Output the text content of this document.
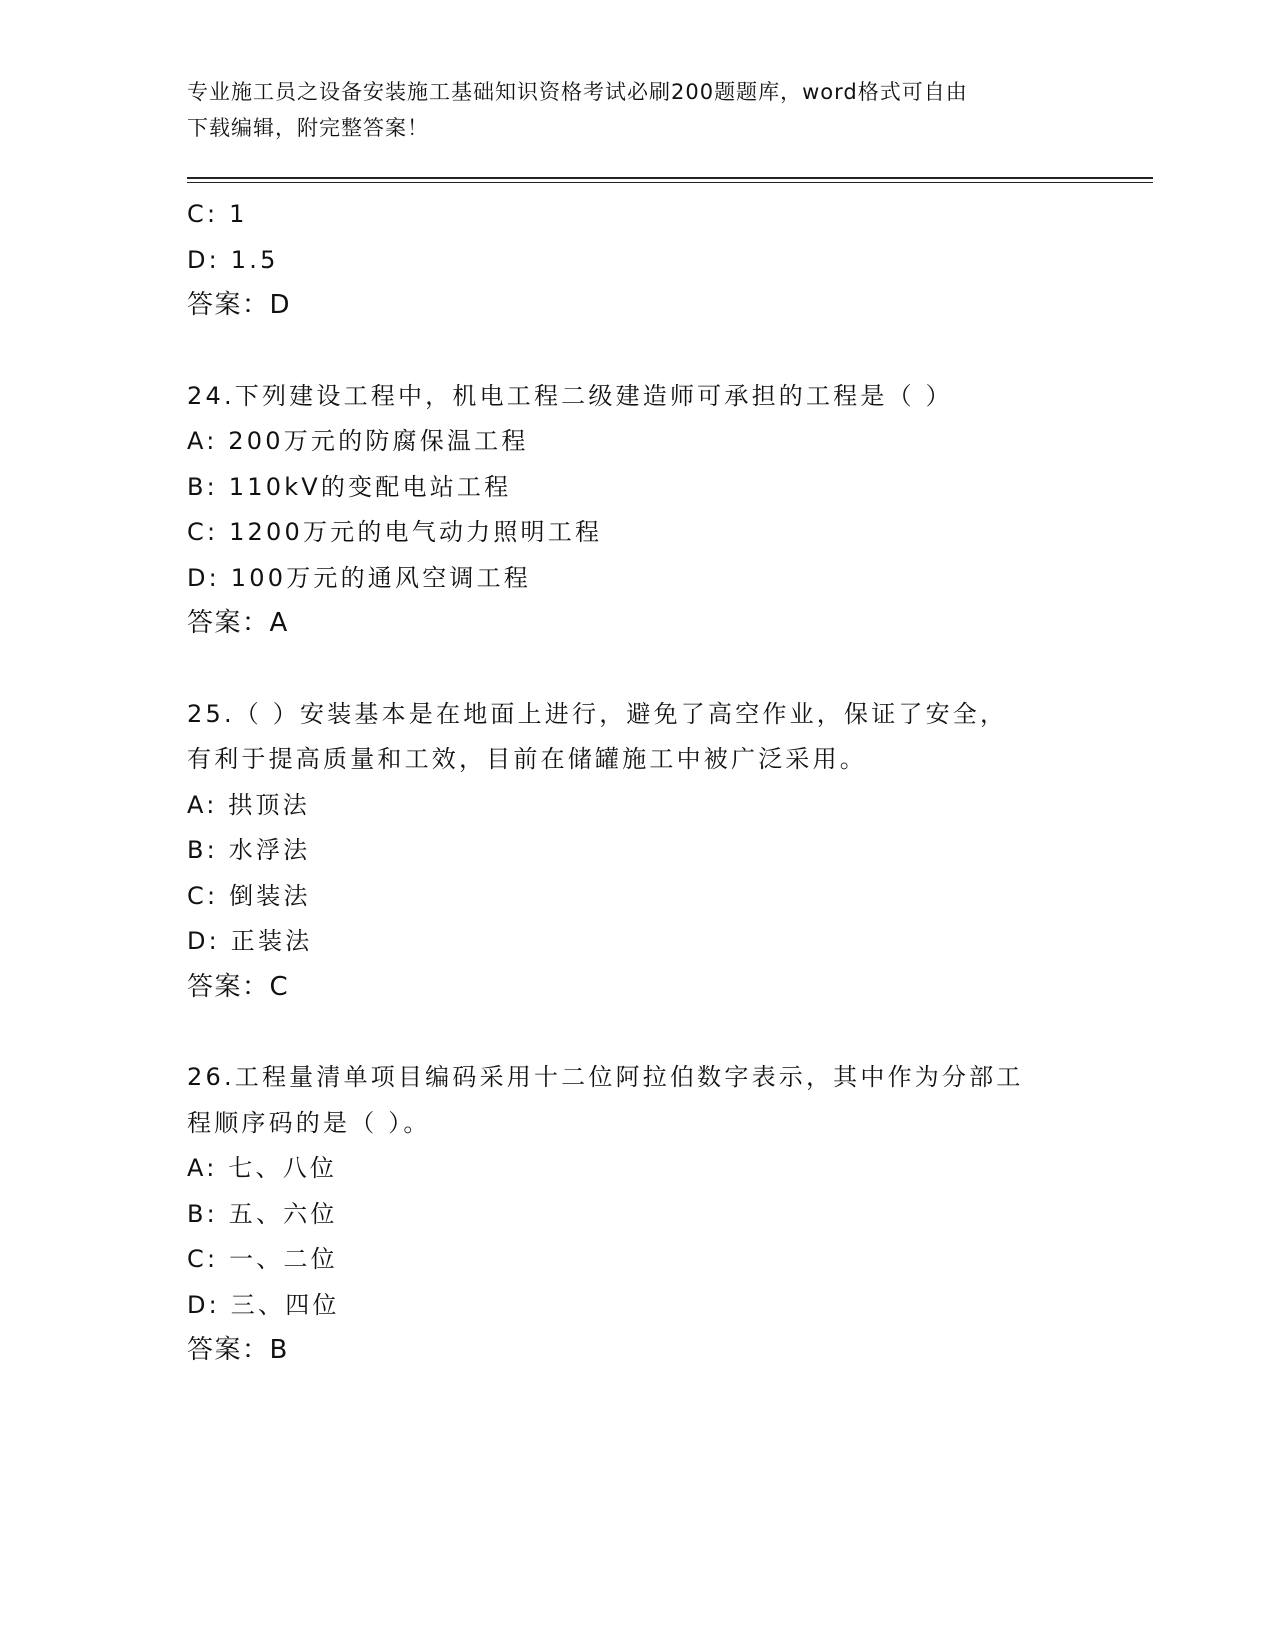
专业施工员之设备安装施工基础知识资格考试必刷200题题库，word格式可自由
下载编辑，附完整答案！
C: 1
D: 1.5
答案：D
24.下列建设工程中，机电工程二级建造师可承担的工程是（ ）
A: 200万元的防腐保温工程
B: 110kV的变配电站工程
C: 1200万元的电气动力照明工程
D: 100万元的通风空调工程
答案：A
25.（ ）安装基本是在地面上进行，避免了高空作业，保证了安全，
有利于提高质量和工效，目前在储罐施工中被广泛采用。
A: 拱顶法
B: 水浮法
C: 倒装法
D: 正装法
答案：C
26.工程量清单项目编码采用十二位阿拉伯数字表示，其中作为分部工
程顺序码的是（ ）。
A: 七、八位
B: 五、六位
C: 一、二位
D: 三、四位
答案：B
